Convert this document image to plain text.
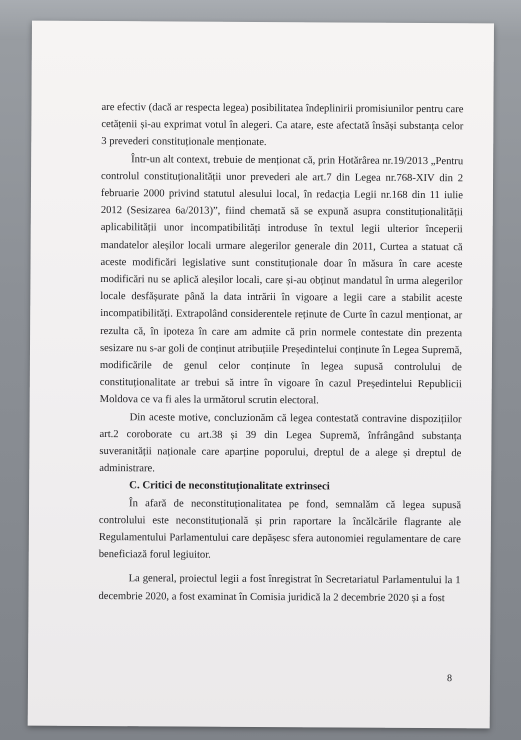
are efectiv (dacă ar respecta legea) posibilitatea îndeplinirii promisiunilor pentru care cetățenii și-au exprimat votul în alegeri. Ca atare, este afectată însăși substanța celor 3 prevederi constituționale menționate.

Într-un alt context, trebuie de menționat că, prin Hotărârea nr.19/2013 „Pentru controlul constituționalității unor prevederi ale art.7 din Legea nr.768-XIV din 2 februarie 2000 privind statutul alesului local, în redacția Legii nr.168 din 11 iulie 2012 (Sesizarea 6a/2013)”, fiind chemată să se expună asupra constituționalității aplicabilității unor incompatibilități introduse în textul legii ulterior începerii mandatelor aleșilor locali urmare alegerilor generale din 2011, Curtea a statuat că aceste modificări legislative sunt constituționale doar în măsura în care aceste modificări nu se aplică aleșilor locali, care și-au obținut mandatul în urma alegerilor locale desfășurate până la data intrării în vigoare a legii care a stabilit aceste incompatibilități. Extrapolând considerentele reținute de Curte în cazul menționat, ar rezulta că, în ipoteza în care am admite că prin normele contestate din prezenta sesizare nu s-ar goli de conținut atribuțiile Președintelui conținute în Legea Supremă, modificările de genul celor conținute în legea supusă controlului de constituționalitate ar trebui să intre în vigoare în cazul Președintelui Republicii Moldova ce va fi ales la următorul scrutin electoral.

Din aceste motive, concluzionăm că legea contestată contravine dispozițiilor art.2 coroborate cu art.38 și 39 din Legea Supremă, înfrângând substanța suveranității naționale care aparține poporului, dreptul de a alege și dreptul de administrare.

C. Critici de neconstituționalitate extrinseci

În afară de neconstituționalitatea pe fond, semnalăm că legea supusă controlului este neconstituțională și prin raportare la încălcările flagrante ale Regulamentului Parlamentului care depășesc sfera autonomiei regulamentare de care beneficiază forul legiuitor.

La general, proiectul legii a fost înregistrat în Secretariatul Parlamentului la 1 decembrie 2020, a fost examinat în Comisia juridică la 2 decembrie 2020 și a fost

8
